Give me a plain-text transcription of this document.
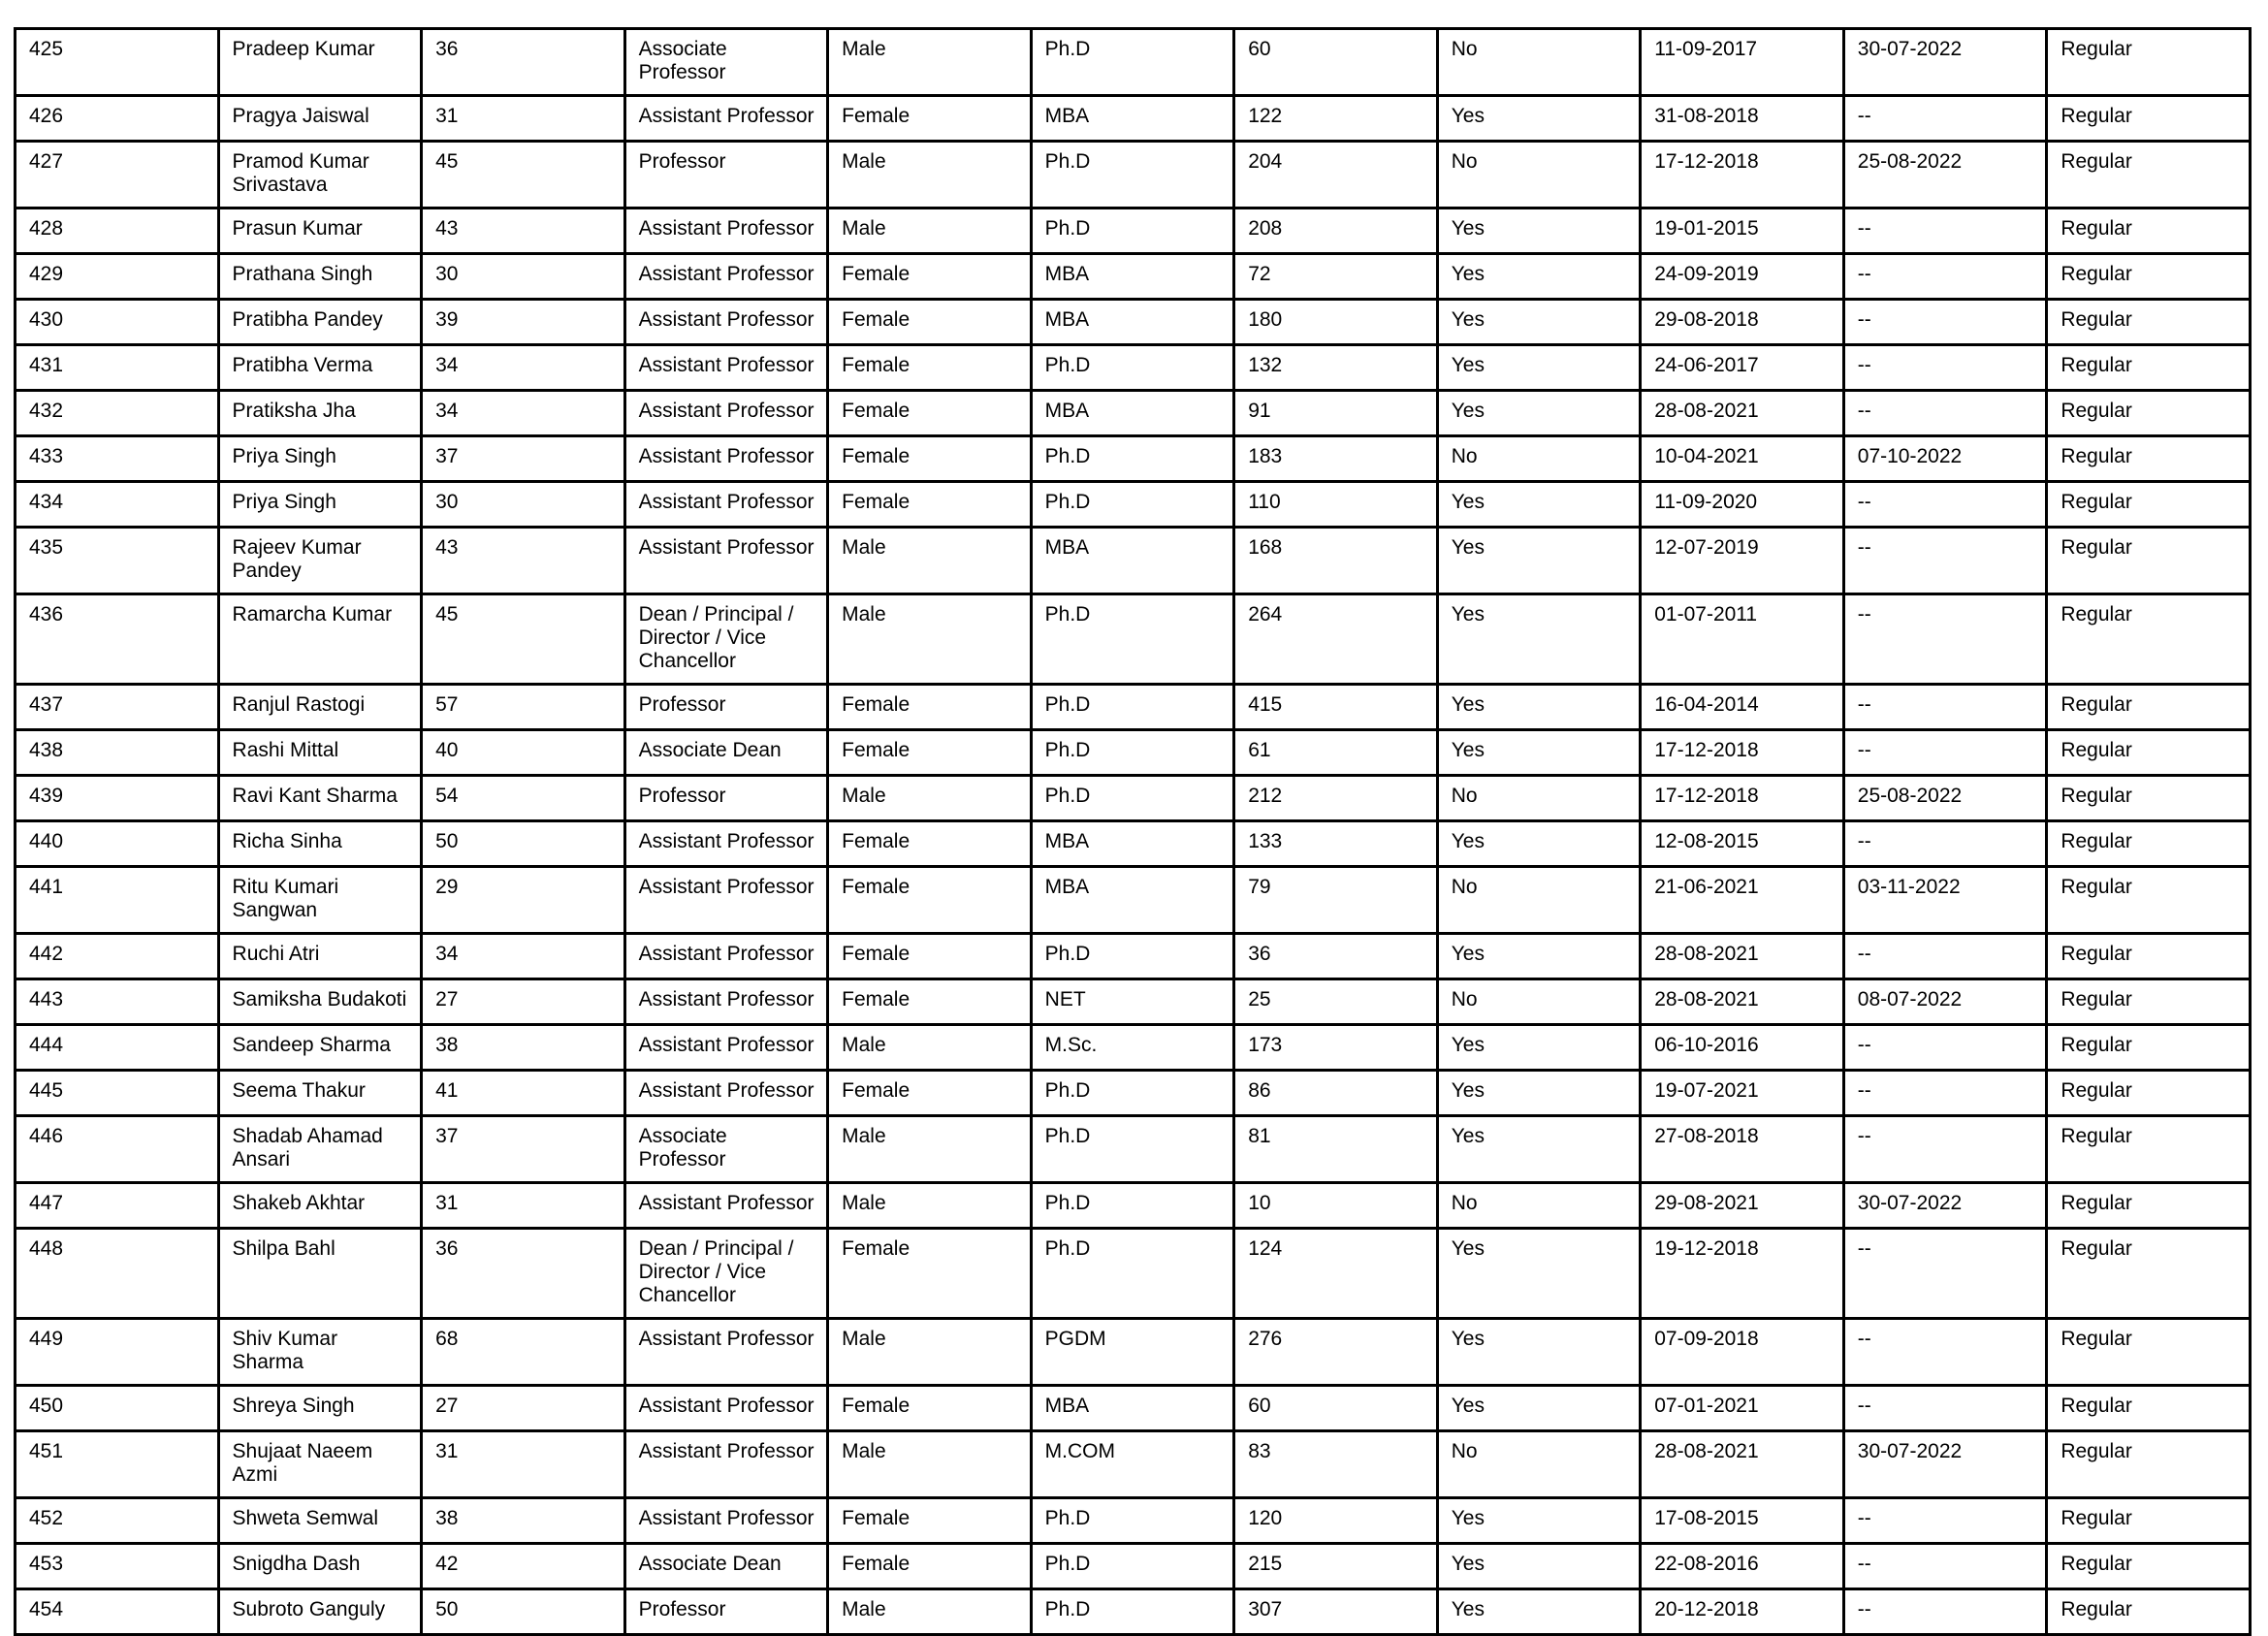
425	Pradeep Kumar	36	Associate Professor	Male	Ph.D	60	No	11-09-2017	30-07-2022	Regular
426	Pragya Jaiswal	31	Assistant Professor	Female	MBA	122	Yes	31-08-2018	--	Regular
427	Pramod Kumar Srivastava	45	Professor	Male	Ph.D	204	No	17-12-2018	25-08-2022	Regular
428	Prasun Kumar	43	Assistant Professor	Male	Ph.D	208	Yes	19-01-2015	--	Regular
429	Prathana Singh	30	Assistant Professor	Female	MBA	72	Yes	24-09-2019	--	Regular
430	Pratibha Pandey	39	Assistant Professor	Female	MBA	180	Yes	29-08-2018	--	Regular
431	Pratibha Verma	34	Assistant Professor	Female	Ph.D	132	Yes	24-06-2017	--	Regular
432	Pratiksha Jha	34	Assistant Professor	Female	MBA	91	Yes	28-08-2021	--	Regular
433	Priya Singh	37	Assistant Professor	Female	Ph.D	183	No	10-04-2021	07-10-2022	Regular
434	Priya Singh	30	Assistant Professor	Female	Ph.D	110	Yes	11-09-2020	--	Regular
435	Rajeev Kumar Pandey	43	Assistant Professor	Male	MBA	168	Yes	12-07-2019	--	Regular
436	Ramarcha Kumar	45	Dean / Principal / Director / Vice Chancellor	Male	Ph.D	264	Yes	01-07-2011	--	Regular
437	Ranjul Rastogi	57	Professor	Female	Ph.D	415	Yes	16-04-2014	--	Regular
438	Rashi Mittal	40	Associate Dean	Female	Ph.D	61	Yes	17-12-2018	--	Regular
439	Ravi Kant Sharma	54	Professor	Male	Ph.D	212	No	17-12-2018	25-08-2022	Regular
440	Richa Sinha	50	Assistant Professor	Female	MBA	133	Yes	12-08-2015	--	Regular
441	Ritu Kumari Sangwan	29	Assistant Professor	Female	MBA	79	No	21-06-2021	03-11-2022	Regular
442	Ruchi Atri	34	Assistant Professor	Female	Ph.D	36	Yes	28-08-2021	--	Regular
443	Samiksha Budakoti	27	Assistant Professor	Female	NET	25	No	28-08-2021	08-07-2022	Regular
444	Sandeep Sharma	38	Assistant Professor	Male	M.Sc.	173	Yes	06-10-2016	--	Regular
445	Seema Thakur	41	Assistant Professor	Female	Ph.D	86	Yes	19-07-2021	--	Regular
446	Shadab Ahamad Ansari	37	Associate Professor	Male	Ph.D	81	Yes	27-08-2018	--	Regular
447	Shakeb Akhtar	31	Assistant Professor	Male	Ph.D	10	No	29-08-2021	30-07-2022	Regular
448	Shilpa Bahl	36	Dean / Principal / Director / Vice Chancellor	Female	Ph.D	124	Yes	19-12-2018	--	Regular
449	Shiv Kumar Sharma	68	Assistant Professor	Male	PGDM	276	Yes	07-09-2018	--	Regular
450	Shreya Singh	27	Assistant Professor	Female	MBA	60	Yes	07-01-2021	--	Regular
451	Shujaat Naeem Azmi	31	Assistant Professor	Male	M.COM	83	No	28-08-2021	30-07-2022	Regular
452	Shweta Semwal	38	Assistant Professor	Female	Ph.D	120	Yes	17-08-2015	--	Regular
453	Snigdha Dash	42	Associate Dean	Female	Ph.D	215	Yes	22-08-2016	--	Regular
454	Subroto Ganguly	50	Professor	Male	Ph.D	307	Yes	20-12-2018	--	Regular
